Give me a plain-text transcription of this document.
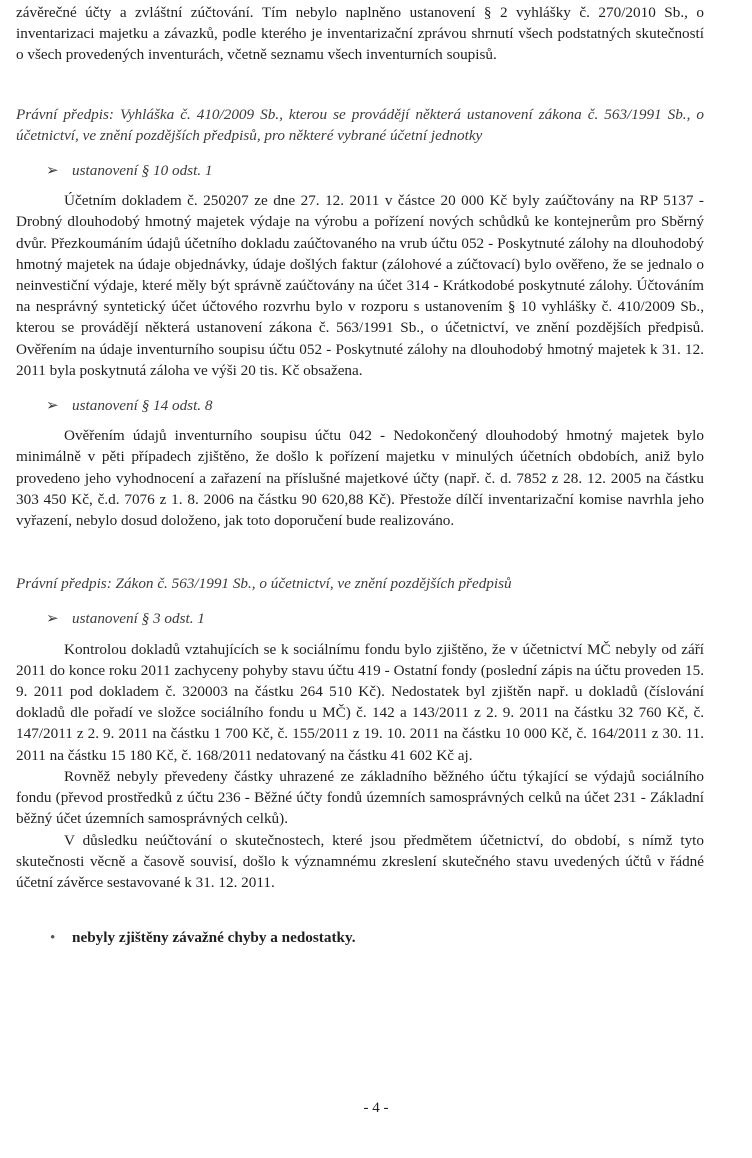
závěrečné účty a zvláštní zúčtování. Tím nebylo naplněno ustanovení § 2 vyhlášky č. 270/2010 Sb., o inventarizaci majetku a závazků, podle kterého je inventarizační zprávou shrnutí všech podstatných skutečností o všech provedených inventurách, včetně seznamu všech inventurních soupisů.

Právní předpis: Vyhláška č. 410/2009 Sb., kterou se provádějí některá ustanovení zákona č. 563/1991 Sb., o účetnictví, ve znění pozdějších předpisů, pro některé vybrané účetní jednotky

➢ ustanovení § 10 odst. 1

Účetním dokladem č. 250207 ze dne 27. 12. 2011 v částce 20 000 Kč byly zaúčtovány na RP 5137 - Drobný dlouhodobý hmotný majetek výdaje na výrobu a pořízení nových schůdků ke kontejnerům pro Sběrný dvůr. Přezkoumáním údajů účetního dokladu zaúčtovaného na vrub účtu 052 - Poskytnuté zálohy na dlouhodobý hmotný majetek na údaje objednávky, údaje došlých faktur (zálohové a zúčtovací) bylo ověřeno, že se jednalo o neinvestiční výdaje, které měly být správně zaúčtovány na účet 314 - Krátkodobé poskytnuté zálohy. Účtováním na nesprávný syntetický účet účtového rozvrhu bylo v rozporu s ustanovením § 10 vyhlášky č. 410/2009 Sb., kterou se provádějí některá ustanovení zákona č. 563/1991 Sb., o účetnictví, ve znění pozdějších předpisů. Ověřením na údaje inventurního soupisu účtu 052 - Poskytnuté zálohy na dlouhodobý hmotný majetek k 31. 12. 2011 byla poskytnutá záloha ve výši 20 tis. Kč obsažena.

➢ ustanovení § 14 odst. 8

Ověřením údajů inventurního soupisu účtu 042 - Nedokončený dlouhodobý hmotný majetek bylo minimálně v pěti případech zjištěno, že došlo k pořízení majetku v minulých účetních obdobích, aniž bylo provedeno jeho vyhodnocení a zařazení na příslušné majetkové účty (např. č. d. 7852 z 28. 12. 2005 na částku 303 450 Kč, č.d. 7076 z 1. 8. 2006 na částku 90 620,88 Kč). Přestože dílčí inventarizační komise navrhla jeho vyřazení, nebylo dosud doloženo, jak toto doporučení bude realizováno.

Právní předpis: Zákon č. 563/1991 Sb., o účetnictví, ve znění pozdějších předpisů

➢ ustanovení § 3 odst. 1

Kontrolou dokladů vztahujících se k sociálnímu fondu bylo zjištěno, že v účetnictví MČ nebyly od září 2011 do konce roku 2011 zachyceny pohyby stavu účtu 419 - Ostatní fondy (poslední zápis na účtu proveden 15. 9. 2011 pod dokladem č. 320003 na částku 264 510 Kč). Nedostatek byl zjištěn např. u dokladů (číslování dokladů dle pořadí ve složce sociálního fondu u MČ) č. 142 a 143/2011 z 2. 9. 2011 na částku 32 760 Kč, č. 147/2011 z 2. 9. 2011 na částku 1 700 Kč, č. 155/2011 z 19. 10. 2011 na částku 10 000 Kč, č. 164/2011 z 30. 11. 2011 na částku 15 180 Kč, č. 168/2011 nedatovaný na částku 41 602 Kč aj.

Rovněž nebyly převedeny částky uhrazené ze základního běžného účtu týkající se výdajů sociálního fondu (převod prostředků z účtu 236 - Běžné účty fondů územních samosprávných celků na účet 231 - Základní běžný účet územních samosprávných celků).

V důsledku neúčtování o skutečnostech, které jsou předmětem účetnictví, do období, s nímž tyto skutečnosti věcně a časově souvisí, došlo k významnému zkreslení skutečného stavu uvedených účtů v řádné účetní závěrce sestavované k 31. 12. 2011.

•	nebyly zjištěny závažné chyby a nedostatky.
- 4 -
